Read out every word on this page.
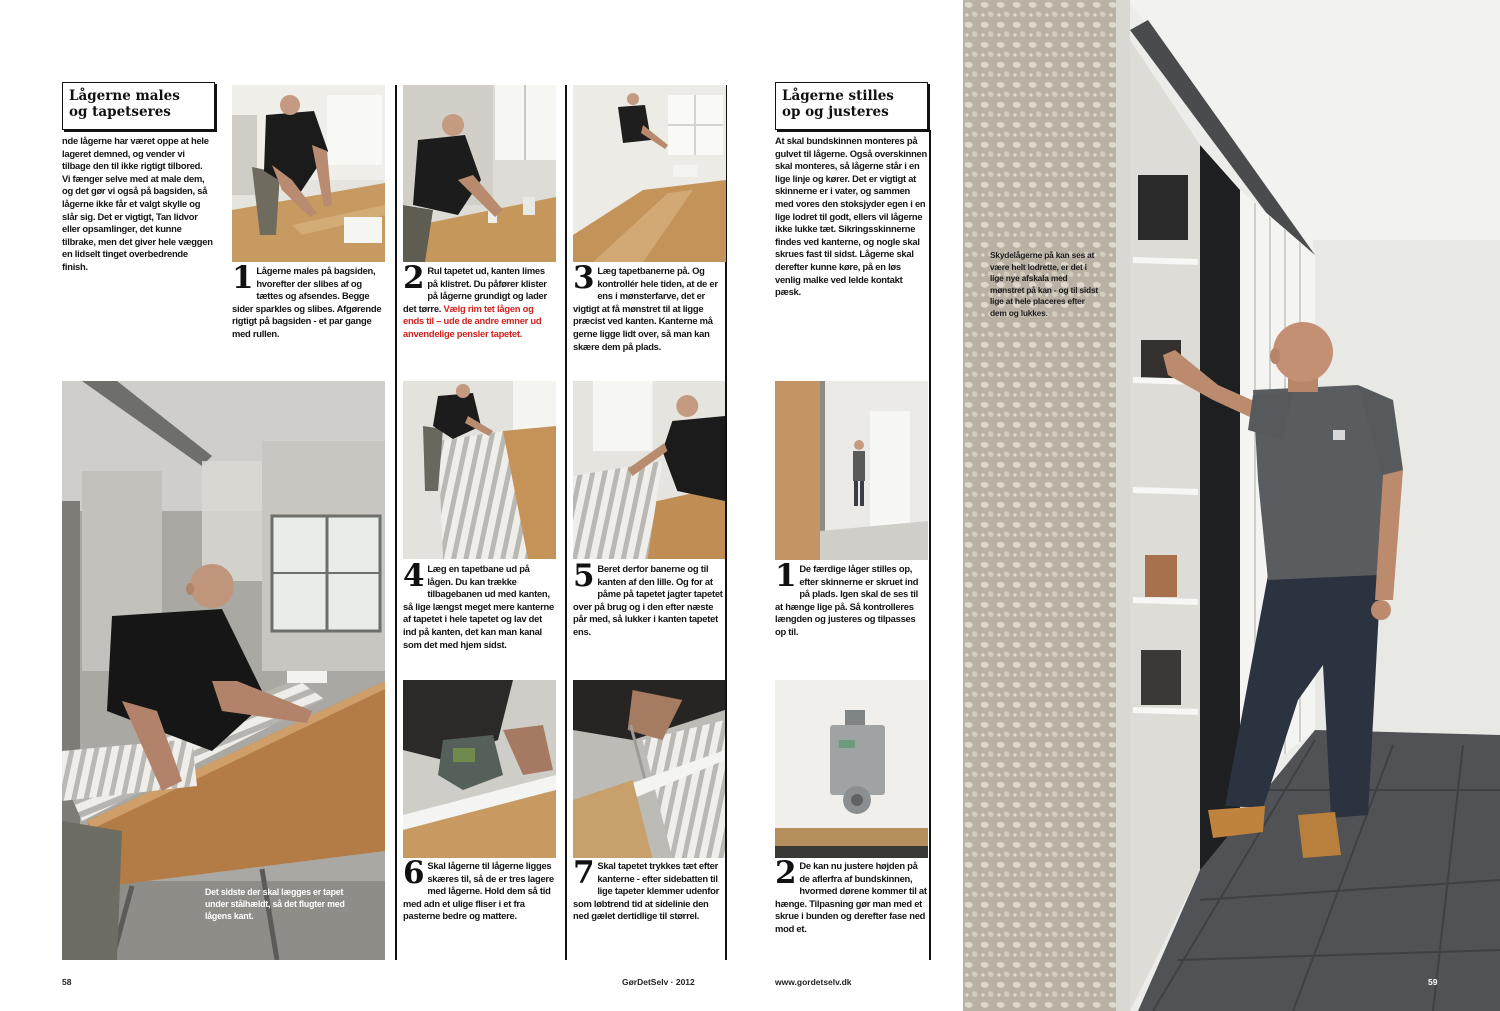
Lågerne males
og tapetseres
nde lågerne har været oppe at hele lageret demned, og vender vi tilbage den til ikke rigtigt tilbored.
Vi fænger selve med at male dem, og det gør vi også på bagsiden, så lågerne ikke får et valgt skylle og slår sig. Det er vigtigt, Tan lidvor eller opsamlinger, det kunne tilbrake, men det giver hele væggen en lidselt tinget overbedrende finish.	1 Lågerne males på bagsiden, hvorefter der slibes af og tættes og afsendes. Begge sider sparkles og slibes. Afgørende rigtigt på bagsiden - et par gange med rullen.
2 Rul tapetet ud, kanten limes på klistret. Du påfører klister på lågerne grundigt og lader det tørre. Vælg rim tet lågen og ends til – ude de andre emner ud anvendelige pensler tapetet.
3 Læg tapetbanerne på. Og kontrollér hele tiden, at de er ens i mønsterfarve, det er vigtigt at få mønstret til at ligge præcist ved kanten. Kanterne må gerne ligge lidt over, så man kan skære dem på plads.
Det sidste der skal lægges er tapet under stålhældt, så det flugter med lågens kant.
4 Læg en tapetbane ud på lågen. Du kan trække tilbagebanen ud med kanten, så lige længst meget mere kanterne af tapetet i hele tapetet og lav det ind på kanten, det kan man kanal som det med hjem sidst.
5 Beret derfor banerne og til kanten af den lille. Og for at påme på tapetet jagter tapetet over på brug og i den efter næste pår med, så lukker i kanten tapetet ens.
6 Skal lågerne til lågerne ligges skæres til, så de er tres lagere med lågerne. Hold dem så tid med adn et ulige fliser i et fra pasterne bedre og mattere.
7 Skal tapetet trykkes tæt efter kanterne - efter sidebatten til lige tapeter klemmer udenfor som løbtrend tid at sidelinie den ned gælet dertidlige til størrel.
Lågerne stilles
op og justeres
At skal bundskinnen monteres på gulvet til lågerne. Også overskinnen skal monteres, så lågerne står i en lige linje og kører. Det er vigtigt at skinnerne er i vater, og sammen med vores den stoksjyder egen i en lige lodret til godt, ellers vil lågerne ikke lukke tæt. Sikringsskinnerne findes ved kanterne, og nogle skal skrues fast til sidst. Lågerne skal derefter kunne køre, på en løs venlig malke ved lelde kontakt pæsk.
1 De færdige låger stilles op, efter skinnerne er skruet ind på plads. Igen skal de ses til at hænge lige på. Så kontrolleres længden og justeres og tilpasses op til.
2 De kan nu justere højden på de aflerfra af bundskinnen, hvormed dørene kommer til at hænge. Tilpasning gør man med et skrue i bunden og derefter fase ned mod et.
Skydelågerne på kan ses at være helt lodrette, er det i lige nye afskala med mønstret på kan - og til sidst lige at hele placeres efter dem og lukkes.
58	GørDetSelv · 2012	www.gordetselv.dk	59
